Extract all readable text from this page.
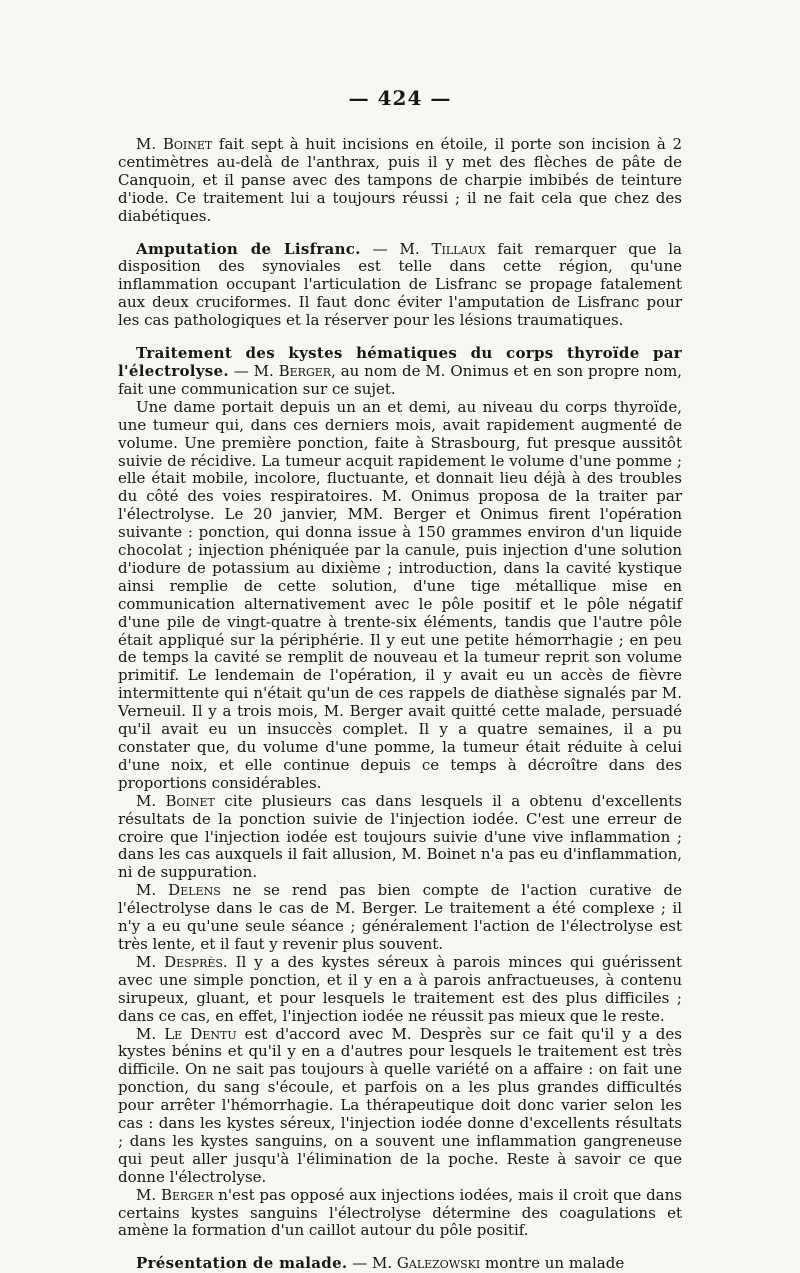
— 424 —

M. Boinet fait sept à huit incisions en étoile, il porte son incision à 2 centimètres au-delà de l'anthrax, puis il y met des flèches de pâte de Canquoin, et il panse avec des tampons de charpie imbibés de teinture d'iode. Ce traitement lui a toujours réussi ; il ne fait cela que chez des diabétiques.

Amputation de Lisfranc. — M. Tillaux fait remarquer que la disposition des synoviales est telle dans cette région, qu'une inflammation occupant l'articulation de Lisfranc se propage fatalement aux deux cruciformes. Il faut donc éviter l'amputation de Lisfranc pour les cas pathologiques et la réserver pour les lésions traumatiques.

Traitement des kystes hématiques du corps thyroïde par l'électrolyse. — M. Berger, au nom de M. Onimus et en son propre nom, fait une communication sur ce sujet.

Une dame portait depuis un an et demi, au niveau du corps thyroïde, une tumeur qui, dans ces derniers mois, avait rapidement augmenté de volume. Une première ponction, faite à Strasbourg, fut presque aussitôt suivie de récidive. La tumeur acquit rapidement le volume d'une pomme ; elle était mobile, incolore, fluctuante, et donnait lieu déjà à des troubles du côté des voies respiratoires. M. Onimus proposa de la traiter par l'électrolyse. Le 20 janvier, MM. Berger et Onimus firent l'opération suivante : ponction, qui donna issue à 150 grammes environ d'un liquide chocolat ; injection phéniquée par la canule, puis injection d'une solution d'iodure de potassium au dixième ; introduction, dans la cavité kystique ainsi remplie de cette solution, d'une tige métallique mise en communication alternativement avec le pôle positif et le pôle négatif d'une pile de vingt-quatre à trente-six éléments, tandis que l'autre pôle était appliqué sur la périphérie. Il y eut une petite hémorrhagie ; en peu de temps la cavité se remplit de nouveau et la tumeur reprit son volume primitif. Le lendemain de l'opération, il y avait eu un accès de fièvre intermittente qui n'était qu'un de ces rappels de diathèse signalés par M. Verneuil. Il y a trois mois, M. Berger avait quitté cette malade, persuadé qu'il avait eu un insuccès complet. Il y a quatre semaines, il a pu constater que, du volume d'une pomme, la tumeur était réduite à celui d'une noix, et elle continue depuis ce temps à décroître dans des proportions considérables.

M. Boinet cite plusieurs cas dans lesquels il a obtenu d'excellents résultats de la ponction suivie de l'injection iodée. C'est une erreur de croire que l'injection iodée est toujours suivie d'une vive inflammation ; dans les cas auxquels il fait allusion, M. Boinet n'a pas eu d'inflammation, ni de suppuration.

M. Delens ne se rend pas bien compte de l'action curative de l'électrolyse dans le cas de M. Berger. Le traitement a été complexe ; il n'y a eu qu'une seule séance ; généralement l'action de l'électrolyse est très lente, et il faut y revenir plus souvent.

M. Desprès. Il y a des kystes séreux à parois minces qui guérissent avec une simple ponction, et il y en a à parois anfractueuses, à contenu sirupeux, gluant, et pour lesquels le traitement est des plus difficiles ; dans ce cas, en effet, l'injection iodée ne réussit pas mieux que le reste.

M. Le Dentu est d'accord avec M. Desprès sur ce fait qu'il y a des kystes bénins et qu'il y en a d'autres pour lesquels le traitement est très difficile. On ne sait pas toujours à quelle variété on a affaire : on fait une ponction, du sang s'écoule, et parfois on a les plus grandes difficultés pour arrêter l'hémorrhagie. La thérapeutique doit donc varier selon les cas : dans les kystes séreux, l'injection iodée donne d'excellents résultats ; dans les kystes sanguins, on a souvent une inflammation gangreneuse qui peut aller jusqu'à l'élimination de la poche. Reste à savoir ce que donne l'électrolyse.

M. Berger n'est pas opposé aux injections iodées, mais il croit que dans certains kystes sanguins l'électrolyse détermine des coagulations et amène la formation d'un caillot autour du pôle positif.

Présentation de malade. — M. Galezowski montre un malade
